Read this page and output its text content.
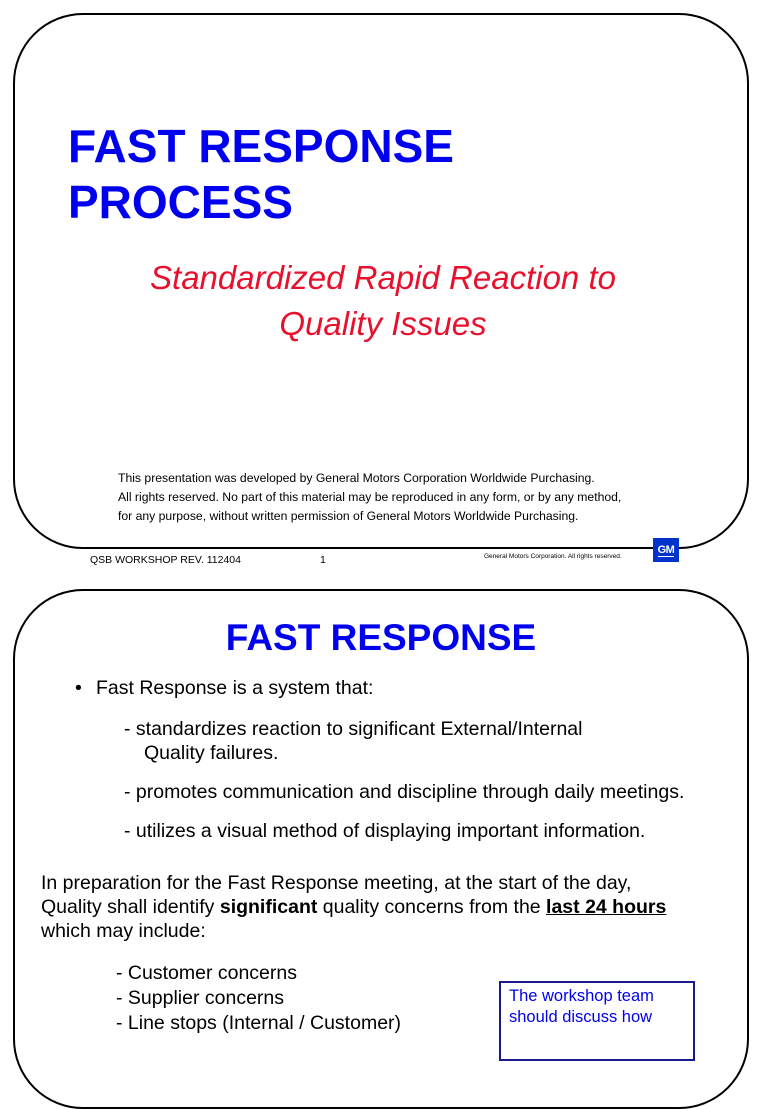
FAST RESPONSE
PROCESS
Standardized Rapid Reaction to
Quality Issues
This presentation was developed by General Motors Corporation Worldwide Purchasing.
All rights reserved. No part of this material may be reproduced in any form, or by any method,
for any purpose, without written permission of General Motors Worldwide Purchasing.
QSB WORKSHOP REV. 112404	1	General Motors Corporation. All rights reserved.
GM
FAST RESPONSE
• Fast Response is a system that:
- standardizes reaction to significant External/Internal
Quality failures.
- promotes communication and discipline through daily meetings.
- utilizes a visual method of displaying important information.
In preparation for the Fast Response meeting, at the start of the day,
Quality shall identify significant quality concerns from the last 24 hours
which may include:
- Customer concerns
- Supplier concerns
- Line stops (Internal / Customer)
The workshop team
should discuss how
